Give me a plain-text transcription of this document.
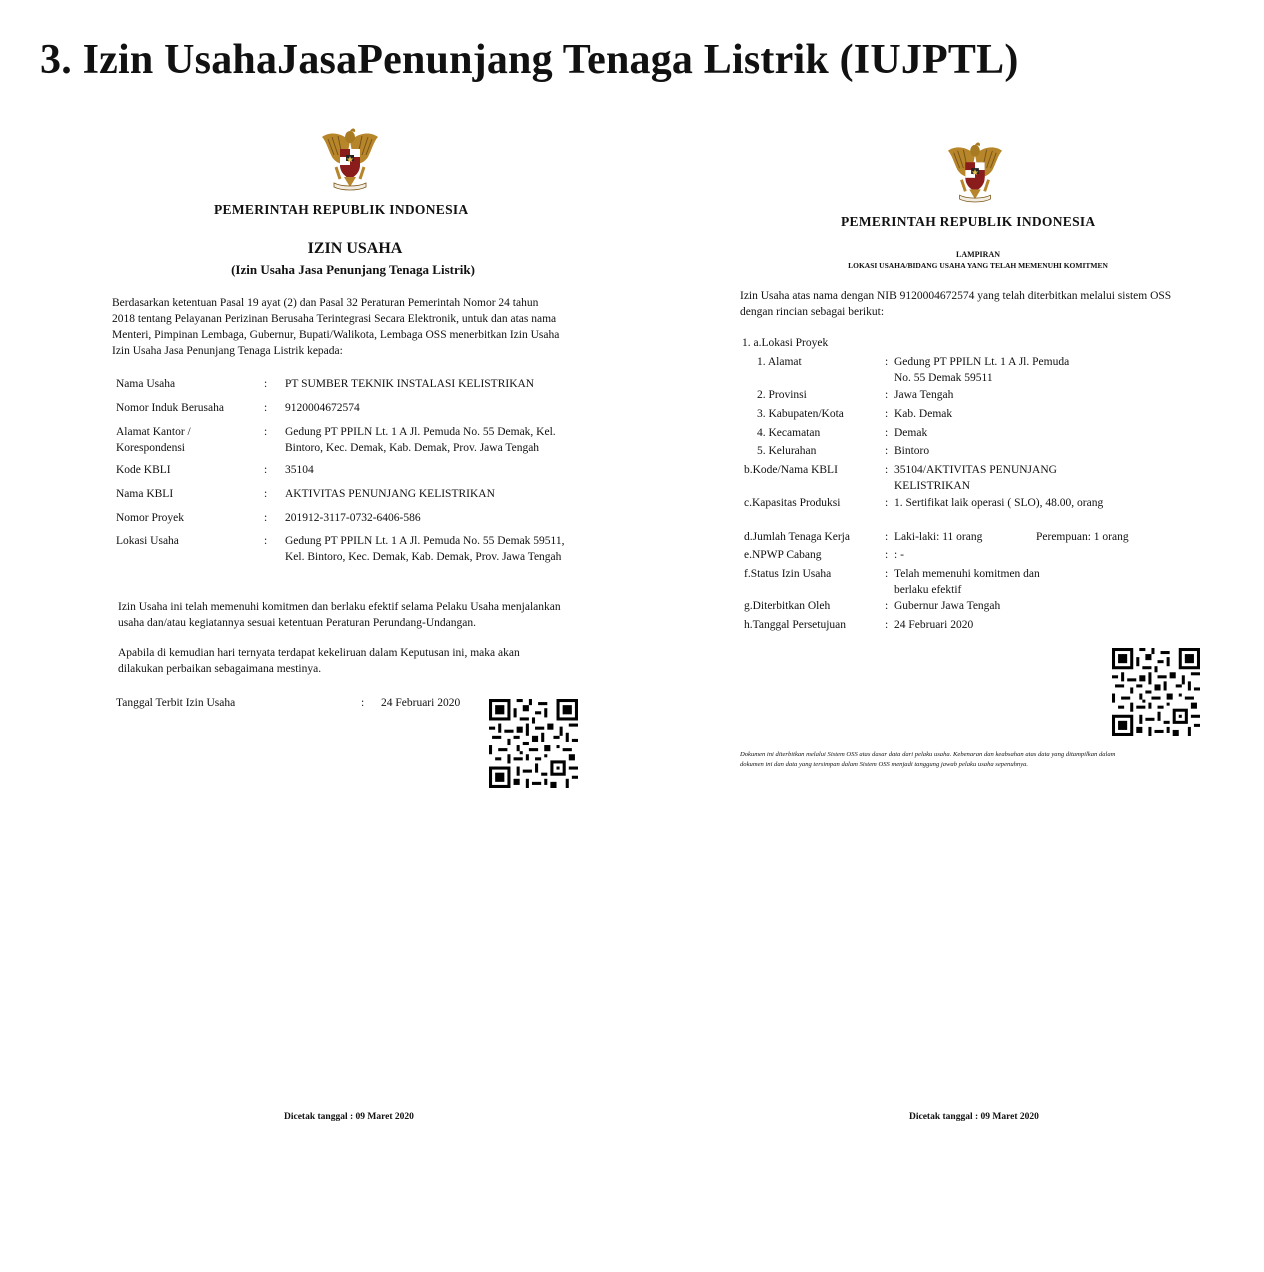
3. Izin UsahaJasaPenunjang Tenaga Listrik (IUJPTL)
PEMERINTAH REPUBLIK INDONESIA
IZIN USAHA
(Izin Usaha Jasa Penunjang Tenaga Listrik)
Berdasarkan ketentuan Pasal 19 ayat (2) dan Pasal 32 Peraturan Pemerintah Nomor 24 tahun
2018 tentang Pelayanan Perizinan Berusaha Terintegrasi Secara Elektronik, untuk dan atas nama
Menteri, Pimpinan Lembaga, Gubernur, Bupati/Walikota, Lembaga OSS menerbitkan Izin Usaha
Izin Usaha Jasa Penunjang Tenaga Listrik kepada:
Nama Usaha	: PT SUMBER TEKNIK INSTALASI KELISTRIKAN
Nomor Induk Berusaha	: 9120004672574
Alamat Kantor /
Korespondensi
: Gedung PT PPILN Lt. 1 A Jl. Pemuda No. 55 Demak, Kel.
Bintoro, Kec. Demak, Kab. Demak, Prov. Jawa Tengah
Kode KBLI	: 35104
Nama KBLI	: AKTIVITAS PENUNJANG KELISTRIKAN
Nomor Proyek	: 201912-3117-0732-6406-586
Lokasi Usaha	: Gedung PT PPILN Lt. 1 A Jl. Pemuda No. 55 Demak 59511,
Kel. Bintoro, Kec. Demak, Kab. Demak, Prov. Jawa Tengah
Izin Usaha ini telah memenuhi komitmen dan berlaku efektif selama Pelaku Usaha menjalankan
usaha dan/atau kegiatannya sesuai ketentuan Peraturan Perundang-Undangan.
Apabila di kemudian hari ternyata terdapat kekeliruan dalam Keputusan ini, maka akan
dilakukan perbaikan sebagaimana mestinya.
Tanggal Terbit Izin Usaha	: 24 Februari 2020
Dicetak tanggal : 09 Maret 2020
PEMERINTAH REPUBLIK INDONESIA
LAMPIRAN
LOKASI USAHA/BIDANG USAHA YANG TELAH MEMENUHI KOMITMEN
Izin Usaha atas nama dengan NIB 9120004672574 yang telah diterbitkan melalui sistem OSS
dengan rincian sebagai berikut:
1. a.Lokasi Proyek
1. Alamat	: Gedung PT PPILN Lt. 1 A Jl. Pemuda
No. 55 Demak 59511
2. Provinsi	: Jawa Tengah
3. Kabupaten/Kota	: Kab. Demak
4. Kecamatan	: Demak
5. Kelurahan	: Bintoro
b.Kode/Nama KBLI	: 35104/AKTIVITAS PENUNJANG
KELISTRIKAN
c.Kapasitas Produksi	: 1. Sertifikat laik operasi ( SLO), 48.00, orang
d.Jumlah Tenaga Kerja	: Laki-laki: 11 orang	Perempuan: 1 orang
e.NPWP Cabang	: : -
f.Status Izin Usaha	: Telah memenuhi komitmen dan
berlaku efektif
g.Diterbitkan Oleh	: Gubernur Jawa Tengah
h.Tanggal Persetujuan	: 24 Februari 2020
Dokumen ini diterbitkan melalui Sistem OSS atas dasar data dari pelaku usaha. Kebenaran dan keabsahan atas data yang ditampilkan dalam
dokumen ini dan data yang tersimpan dalam Sistem OSS menjadi tanggung jawab pelaku usaha sepenuhnya.
Dicetak tanggal : 09 Maret 2020
